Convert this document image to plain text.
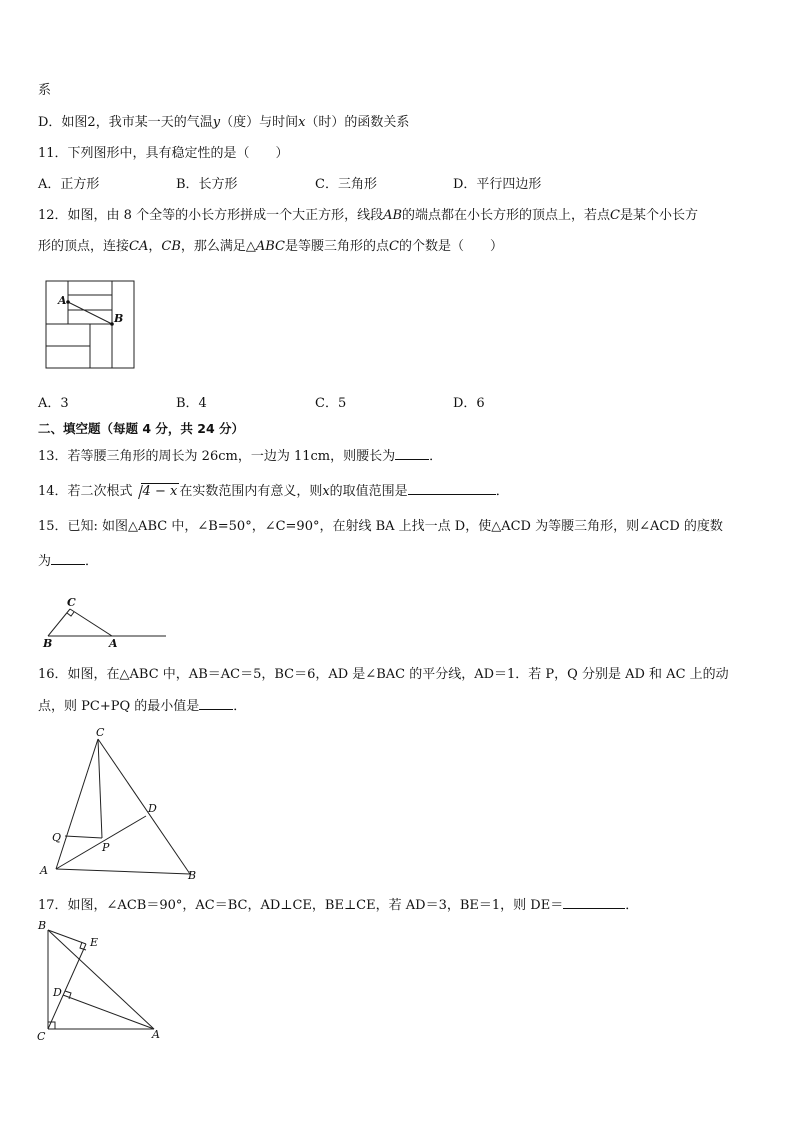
系
D．如图2，我市某一天的气温y（度）与时间x（时）的函数关系
11．下列图形中，具有稳定性的是（　　）
A．正方形	B．长方形	C．三角形	D．平行四边形
12．如图，由 8 个全等的小长方形拼成一个大正方形，线段AB的端点都在小长方形的顶点上，若点C是某个小长方
形的顶点，连接CA，CB，那么满足△ABC是等腰三角形的点C的个数是（　　）
A
B
A．3	B．4	C．5	D．6
二、填空题（每题 4 分，共 24 分）
13．若等腰三角形的周长为 26cm，一边为 11cm，则腰长为	．
14．若二次根式 4 − x 在实数范围内有意义，则x的取值范围是	．
15．已知: 如图△ABC 中，∠B=50°，∠C=90°，在射线 BA 上找一点 D，使△ACD 为等腰三角形，则∠ACD 的度数
为	．
C
B	A
16．如图，在△ABC 中，AB＝AC＝5，BC＝6，AD 是∠BAC 的平分线，AD＝1．若 P，Q 分别是 AD 和 AC 上的动
点，则 PC+PQ 的最小值是	．
C
D
Q
P
A	B
17．如图，∠ACB＝90°，AC＝BC，AD⊥CE，BE⊥CE，若 AD＝3，BE＝1，则 DE＝	．
B
E
D
C	A
